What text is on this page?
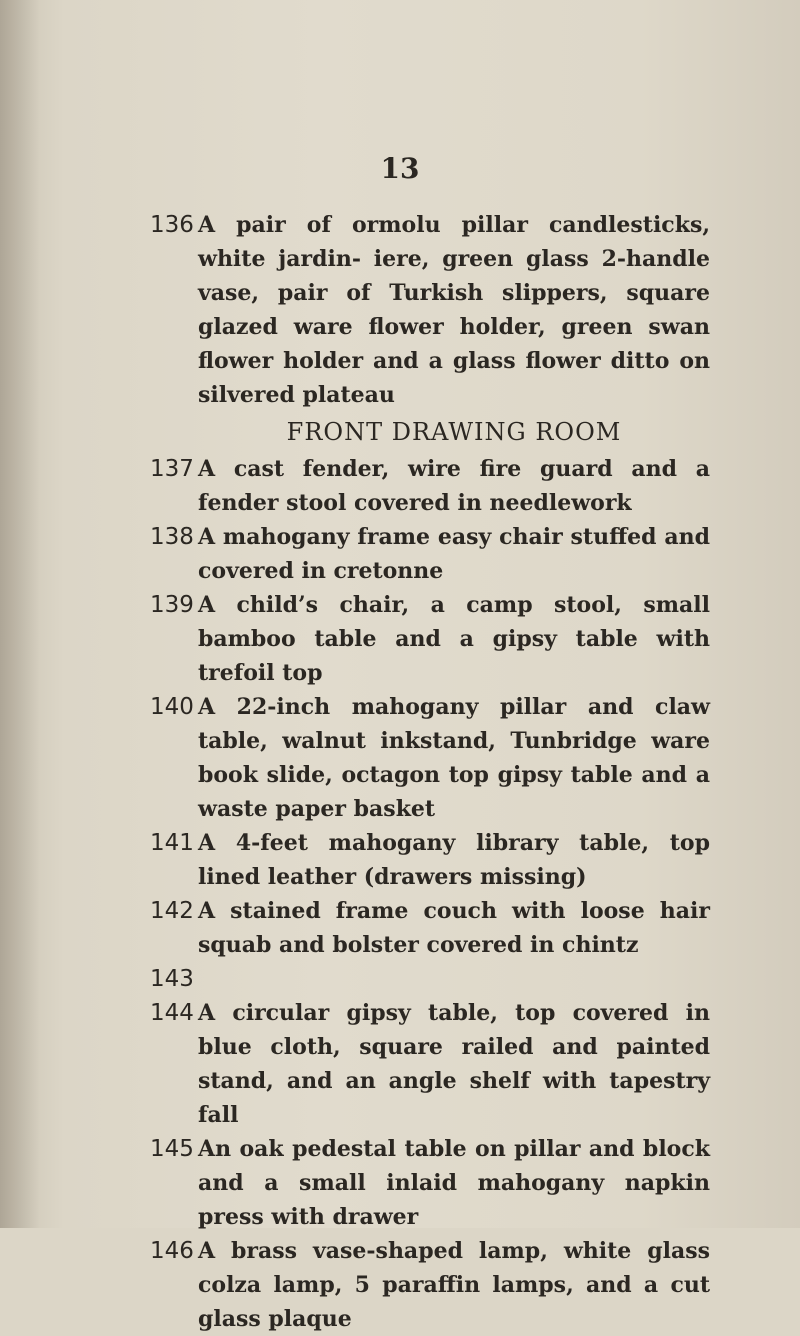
13
136 A pair of ormolu pillar candlesticks, white jardin- iere, green glass 2-handle vase, pair of Turkish slippers, square glazed ware flower holder, green swan flower holder and a glass flower ditto on silvered plateau
FRONT DRAWING ROOM
137 A cast fender, wire fire guard and a fender stool covered in needlework
138 A mahogany frame easy chair stuffed and covered in cretonne
139 A child’s chair, a camp stool, small bamboo table and a gipsy table with trefoil top
140 A 22-inch mahogany pillar and claw table, walnut inkstand, Tunbridge ware book slide, octagon top gipsy table and a waste paper basket
141 A 4-feet mahogany library table, top lined leather (drawers missing)
142 A stained frame couch with loose hair squab and bolster covered in chintz
143
144 A circular gipsy table, top covered in blue cloth, square railed and painted stand, and an angle shelf with tapestry fall
145 An oak pedestal table on pillar and block and a small inlaid mahogany napkin press with drawer
146 A brass vase-shaped lamp, white glass colza lamp, 5 paraffin lamps, and a cut glass plaque
